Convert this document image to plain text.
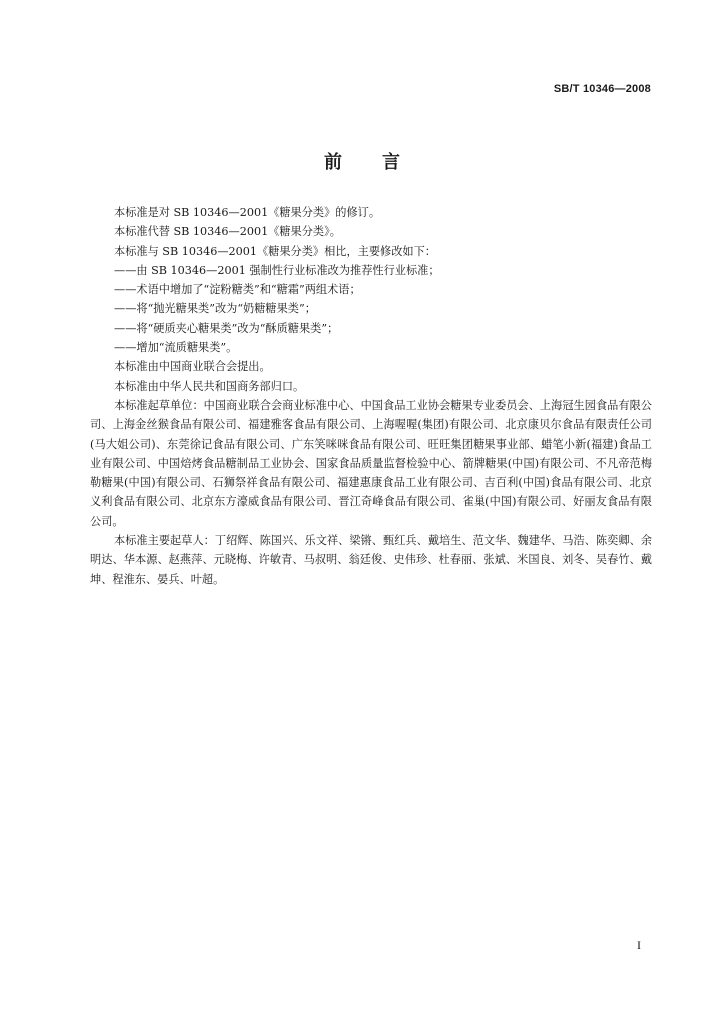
SB/T 10346—2008
前言

本标准是对 SB 10346—2001《糖果分类》的修订。

本标准代替 SB 10346—2001《糖果分类》。

本标准与 SB 10346—2001《糖果分类》相比，主要修改如下：

——由 SB 10346—2001 强制性行业标准改为推荐性行业标准；

——术语中增加了“淀粉糖类”和“糖霜”两组术语；

——将“抛光糖果类”改为“奶糖糖果类”；

——将“硬质夹心糖果类”改为“酥质糖果类”；

——增加“流质糖果类”。

本标准由中国商业联合会提出。

本标准由中华人民共和国商务部归口。

本标准起草单位：中国商业联合会商业标准中心、中国食品工业协会糖果专业委员会、上海冠生园食品有限公司、上海金丝猴食品有限公司、福建雅客食品有限公司、上海喔喔(集团)有限公司、北京康贝尔食品有限责任公司(马大姐公司)、东莞徐记食品有限公司、广东笑咪咪食品有限公司、旺旺集团糖果事业部、蜡笔小新(福建)食品工业有限公司、中国焙烤食品糖制品工业协会、国家食品质量监督检验中心、箭牌糖果(中国)有限公司、不凡帝范梅勒糖果(中国)有限公司、石狮祭祥食品有限公司、福建惠康食品工业有限公司、吉百利(中国)食品有限公司、北京义利食品有限公司、北京东方濠威食品有限公司、晋江奇峰食品有限公司、雀巢(中国)有限公司、好丽友食品有限公司。

本标准主要起草人：丁绍辉、陈国兴、乐文祥、梁锵、甄红兵、戴培生、范文华、魏建华、马浩、陈奕卿、余明达、华本源、赵燕萍、元晓梅、许敏青、马叔明、翁廷俊、史伟珍、杜春丽、张斌、米国良、刘冬、吴春竹、戴坤、程淮东、晏兵、叶超。

I
